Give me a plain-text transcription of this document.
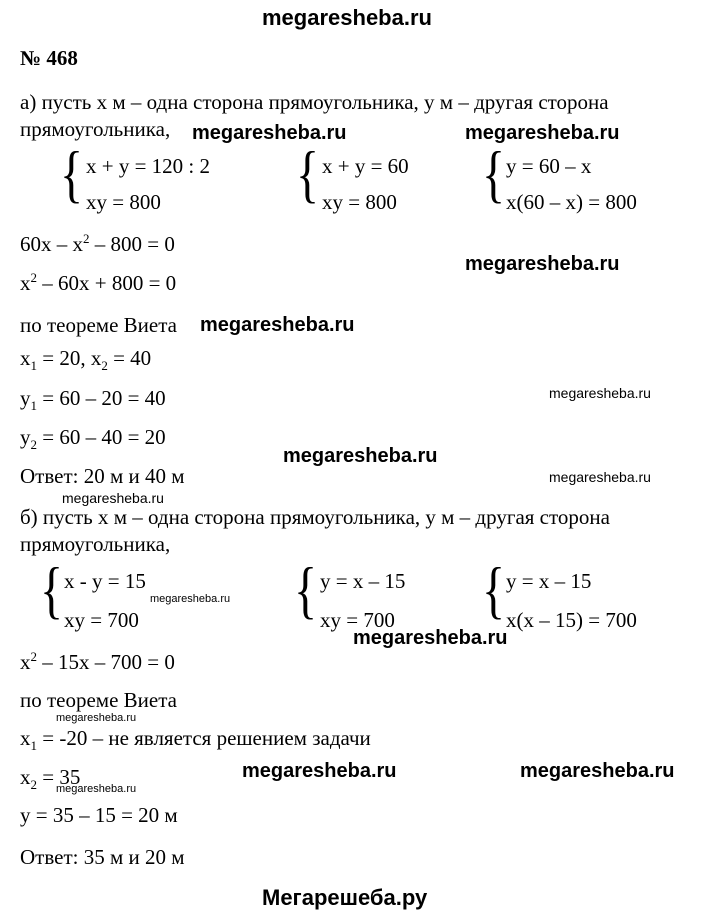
megaresheba.ru
Мегарешеба.ру
№ 468
а) пусть х м – одна сторона прямоугольника, у м – другая сторона
прямоугольника,
{ x + y = 120 : 2
xy = 800 { x + y = 60
xy = 800 { y = 60 – x
x(60 – x) = 800
$60x - x^2 - 800 = 0$
$x^2 - 60x + 800 = 0$
по теореме Виета
$x_1 = 20$, $x_2 = 40$
$y_1 = 60 - 20 = 40$
$y_2 = 60 - 40 = 20$
Ответ: 20 м и 40 м
б) пусть х м – одна сторона прямоугольника, у м – другая сторона
прямоугольника,
{ x - y = 15
xy = 700 { y = x – 15
xy = 700 { y = x – 15
x(x – 15) = 700
$x^2 - 15x - 700 = 0$
по теореме Виета
$x_1 = -20$ – не является решением задачи
$x_2 = 35$
y = 35 – 15 = 20 м
Ответ: 35 м и 20 м
megaresheba.ru	megaresheba.ru
megaresheba.ru
megaresheba.ru
megaresheba.ru
megaresheba.ru
megaresheba.ru
megaresheba.ru
megaresheba.ru
megaresheba.ru
megaresheba.ru
megaresheba.ru	megaresheba.ru
megaresheba.ru
